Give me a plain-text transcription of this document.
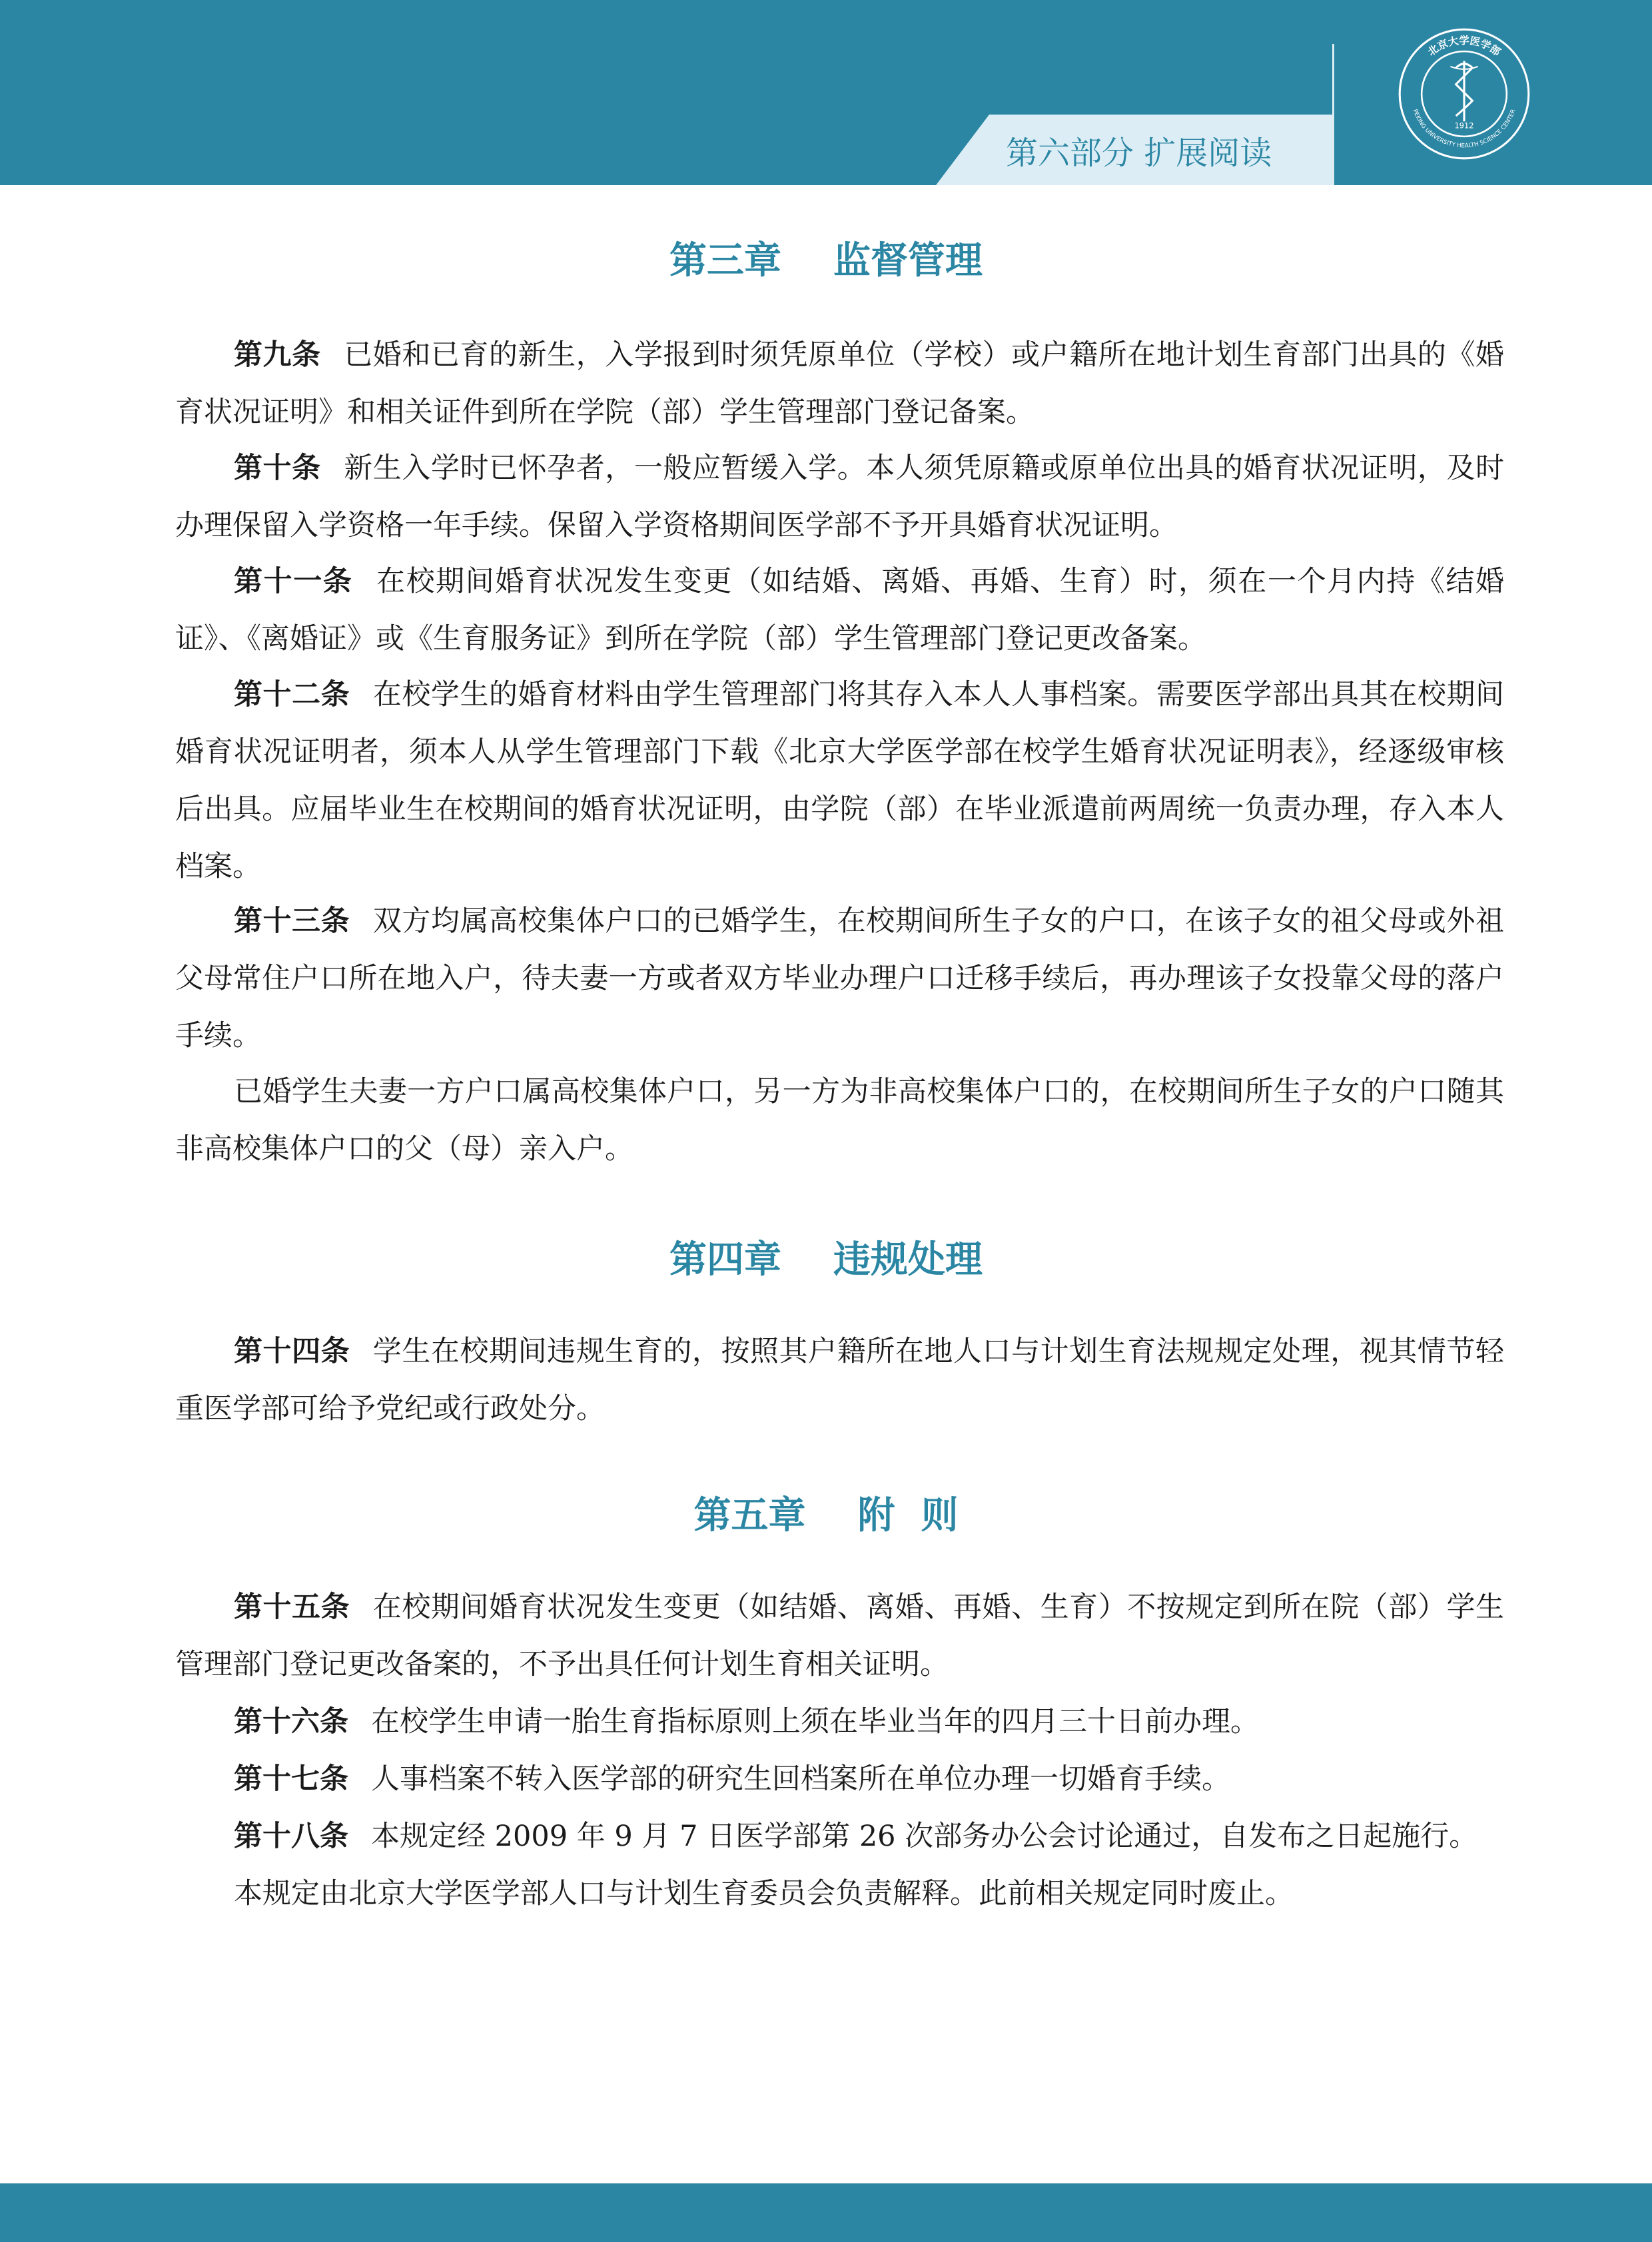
第六部分 扩展阅读
北京大学医学部
PEKING UNIVERSITY HEALTH SCIENCE CENTER
1912
第三章    监督管理
第九条 已婚和已育的新生，入学报到时须凭原单位（学校）或户籍所在地计划生育部门出具的《婚育状况证明》和相关证件到所在学院（部）学生管理部门登记备案。
第十条 新生入学时已怀孕者，一般应暂缓入学。本人须凭原籍或原单位出具的婚育状况证明，及时办理保留入学资格一年手续。保留入学资格期间医学部不予开具婚育状况证明。
第十一条 在校期间婚育状况发生变更（如结婚、离婚、再婚、生育）时，须在一个月内持《结婚证》、《离婚证》或《生育服务证》到所在学院（部）学生管理部门登记更改备案。
第十二条 在校学生的婚育材料由学生管理部门将其存入本人人事档案。需要医学部出具其在校期间婚育状况证明者，须本人从学生管理部门下载《北京大学医学部在校学生婚育状况证明表》，经逐级审核后出具。应届毕业生在校期间的婚育状况证明，由学院（部）在毕业派遣前两周统一负责办理，存入本人档案。
第十三条 双方均属高校集体户口的已婚学生，在校期间所生子女的户口，在该子女的祖父母或外祖父母常住户口所在地入户，待夫妻一方或者双方毕业办理户口迁移手续后，再办理该子女投靠父母的落户手续。
已婚学生夫妻一方户口属高校集体户口，另一方为非高校集体户口的，在校期间所生子女的户口随其非高校集体户口的父（母）亲入户。
第四章    违规处理
第十四条 学生在校期间违规生育的，按照其户籍所在地人口与计划生育法规规定处理，视其情节轻重医学部可给予党纪或行政处分。
第五章    附  则
第十五条 在校期间婚育状况发生变更（如结婚、离婚、再婚、生育）不按规定到所在院（部）学生管理部门登记更改备案的，不予出具任何计划生育相关证明。
第十六条 在校学生申请一胎生育指标原则上须在毕业当年的四月三十日前办理。
第十七条 人事档案不转入医学部的研究生回档案所在单位办理一切婚育手续。
第十八条 本规定经 2009 年 9 月 7 日医学部第 26 次部务办公会讨论通过，自发布之日起施行。
本规定由北京大学医学部人口与计划生育委员会负责解释。此前相关规定同时废止。
